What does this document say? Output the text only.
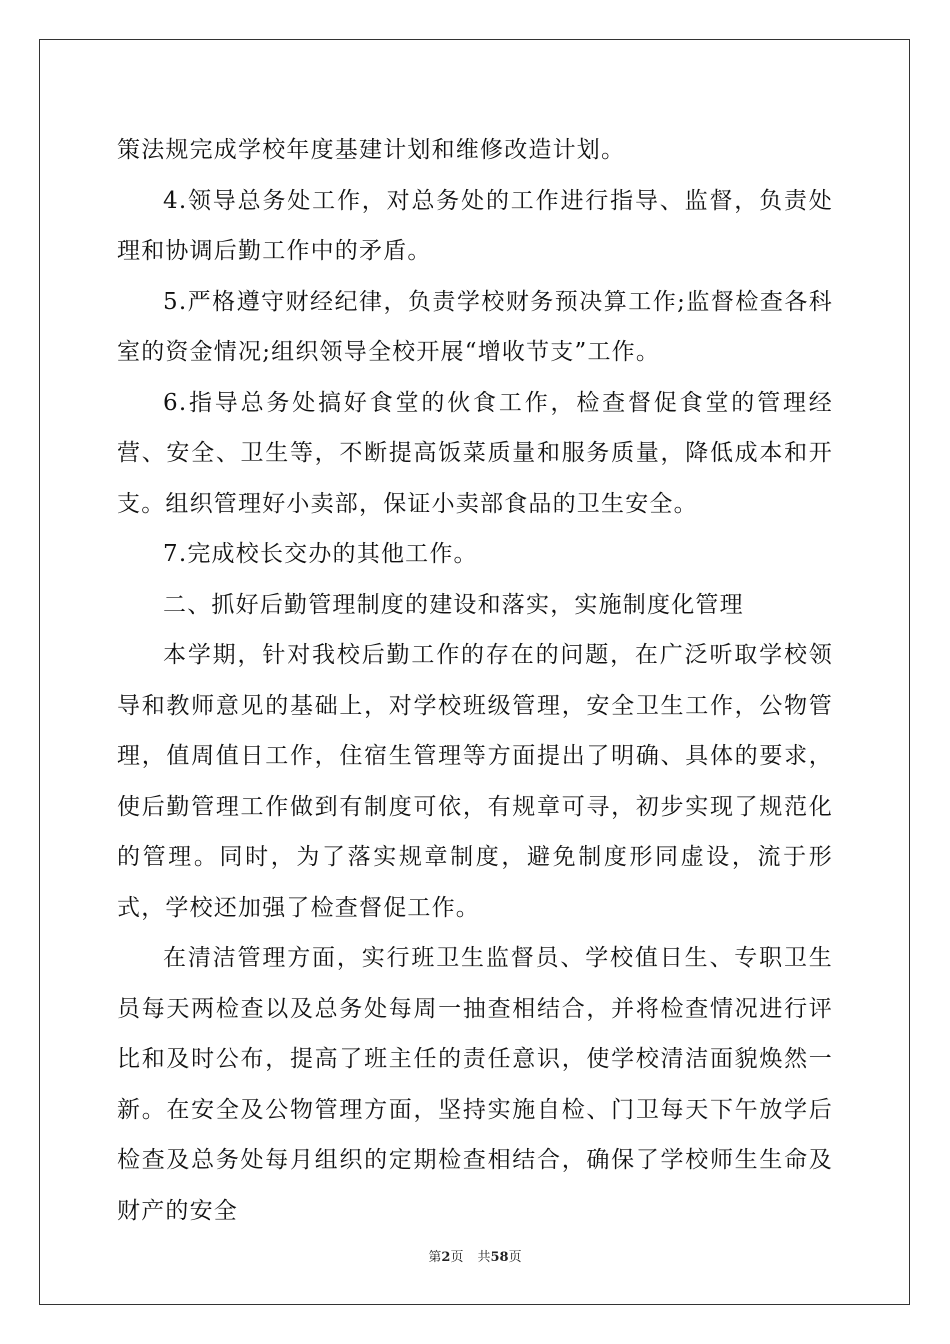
策法规完成学校年度基建计划和维修改造计划。

4.领导总务处工作，对总务处的工作进行指导、监督，负责处理和协调后勤工作中的矛盾。

5.严格遵守财经纪律，负责学校财务预决算工作;监督检查各科室的资金情况;组织领导全校开展“增收节支”工作。

6.指导总务处搞好食堂的伙食工作，检查督促食堂的管理经营、安全、卫生等，不断提高饭菜质量和服务质量，降低成本和开支。组织管理好小卖部，保证小卖部食品的卫生安全。

7.完成校长交办的其他工作。

二、抓好后勤管理制度的建设和落实，实施制度化管理

本学期，针对我校后勤工作的存在的问题，在广泛听取学校领导和教师意见的基础上，对学校班级管理，安全卫生工作，公物管理，值周值日工作，住宿生管理等方面提出了明确、具体的要求，使后勤管理工作做到有制度可依，有规章可寻，初步实现了规范化的管理。同时，为了落实规章制度，避免制度形同虚设，流于形式，学校还加强了检查督促工作。

在清洁管理方面，实行班卫生监督员、学校值日生、专职卫生员每天两检查以及总务处每周一抽查相结合，并将检查情况进行评比和及时公布，提高了班主任的责任意识，使学校清洁面貌焕然一新。在安全及公物管理方面，坚持实施自检、门卫每天下午放学后检查及总务处每月组织的定期检查相结合，确保了学校师生生命及财产的安全

第2页 共58页
